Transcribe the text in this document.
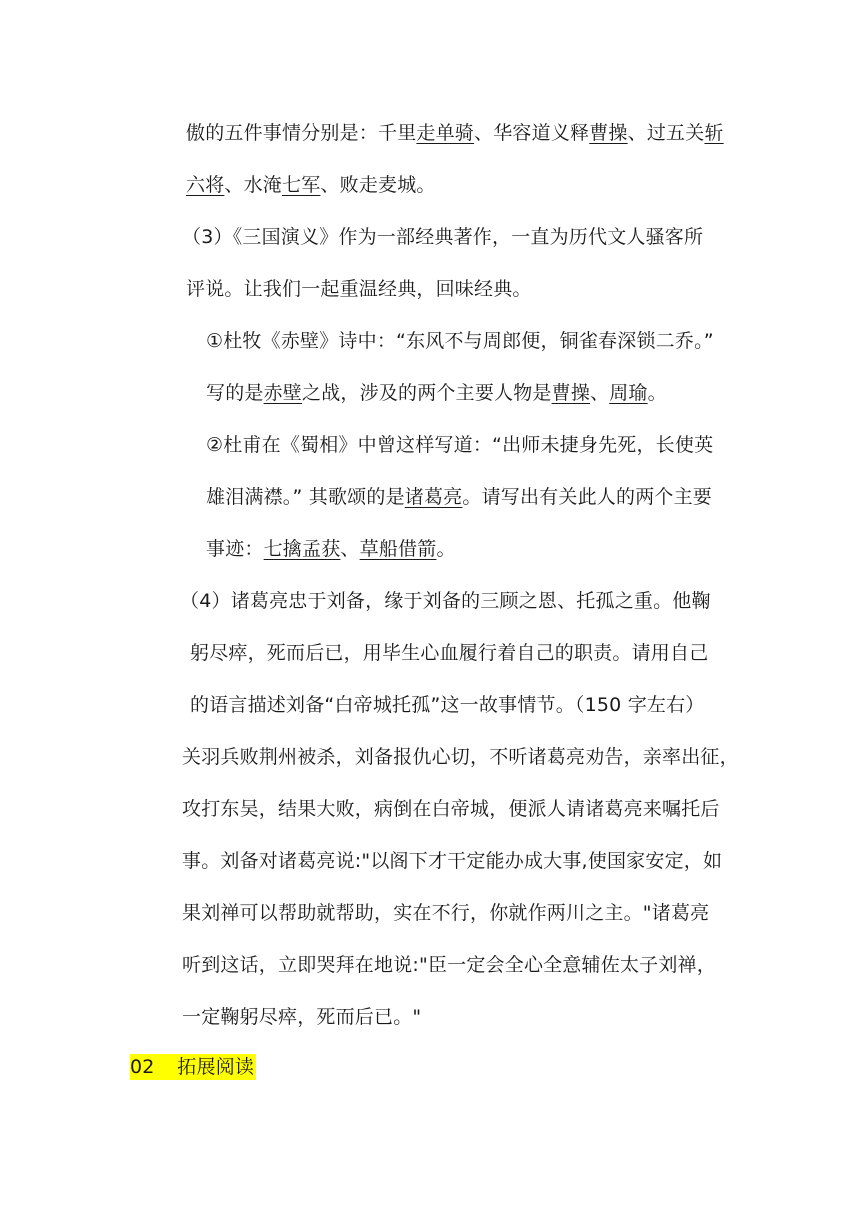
傲的五件事情分别是：千里走单骑、华容道义释曹操、过五关斩
六将、水淹七军、败走麦城。
（3）《三国演义》作为一部经典著作，一直为历代文人骚客所
评说。让我们一起重温经典，回味经典。
①杜牧《赤壁》诗中：“东风不与周郎便，铜雀春深锁二乔。”
写的是赤壁之战，涉及的两个主要人物是曹操、周瑜。
②杜甫在《蜀相》中曾这样写道：“出师未捷身先死，长使英
雄泪满襟。” 其歌颂的是诸葛亮。请写出有关此人的两个主要
事迹：七擒孟获、草船借箭。
（4）诸葛亮忠于刘备，缘于刘备的三顾之恩、托孤之重。他鞠
躬尽瘁，死而后已，用毕生心血履行着自己的职责。请用自己
的语言描述刘备“白帝城托孤”这一故事情节。（150 字左右）
关羽兵败荆州被杀，刘备报仇心切，不听诸葛亮劝告，亲率出征，
攻打东吴，结果大败，病倒在白帝城，便派人请诸葛亮来嘱托后
事。刘备对诸葛亮说:"以阁下才干定能办成大事,使国家安定，如
果刘禅可以帮助就帮助，实在不行，你就作两川之主。"诸葛亮
听到这话，立即哭拜在地说:"臣一定会全心全意辅佐太子刘禅，
一定鞠躬尽瘁，死而后已。"
02 拓展阅读
